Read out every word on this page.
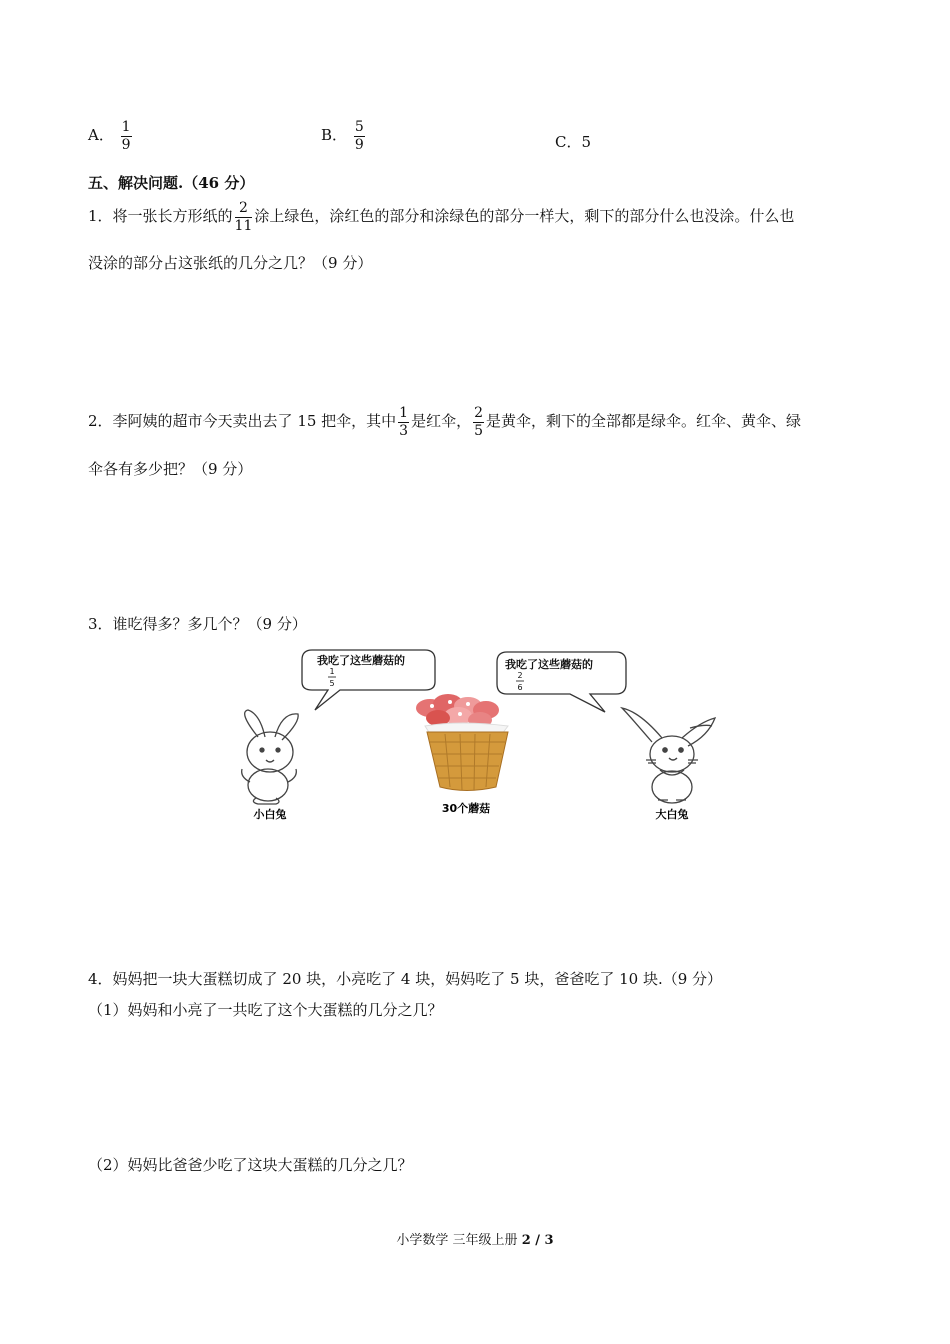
A． $\frac{1}{9}$	B． $\frac{5}{9}$	C．5
五、解决问题.（46 分）
1．将一张长方形纸的 $\frac{2}{11}$ 涂上绿色，涂红色的部分和涂绿色的部分一样大，剩下的部分什么也没涂。什么也
没涂的部分占这张纸的几分之几？（9 分）
2．李阿姨的超市今天卖出去了 15 把伞，其中 $\frac{1}{3}$ 是红伞， $\frac{2}{5}$ 是黄伞，剩下的全部都是绿伞。红伞、黄伞、绿
伞各有多少把？（9 分）
3．谁吃得多？多几个？（9 分）
我吃了这些蘑菇的
1
5
我吃了这些蘑菇的
2
6
小白兔	30个蘑菇	大白兔
4．妈妈把一块大蛋糕切成了 20 块，小亮吃了 4 块，妈妈吃了 5 块，爸爸吃了 10 块.（9 分）
（1）妈妈和小亮了一共吃了这个大蛋糕的几分之几？
（2）妈妈比爸爸少吃了这块大蛋糕的几分之几？
小学数学 三年级上册 2 / 3
